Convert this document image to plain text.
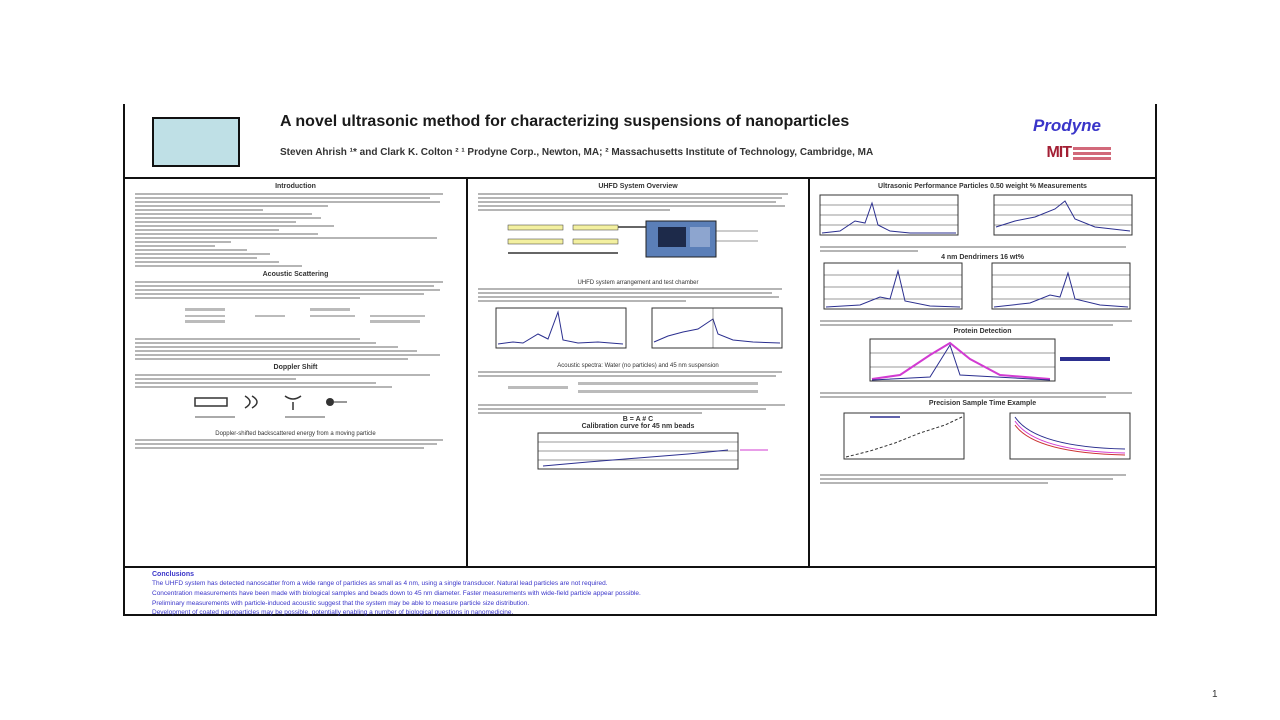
A novel ultrasonic method for characterizing suspensions of nanoparticles
Steven Ahrish ¹* and Clark K. Colton ² ¹ Prodyne Corp., Newton, MA; ² Massachusetts Institute of Technology, Cambridge, MA
Prodyne
MIT
Introduction
Acoustic Scattering
Doppler Shift
Doppler-shifted backscattered energy from a moving particle
UHFD System Overview
UHFD system arrangement and test chamber
Acoustic spectra: Water (no particles) and 45 nm suspension
B = A # C
Calibration curve for 45 nm beads
Ultrasonic Performance Particles 0.50 weight % Measurements
4 nm Dendrimers 16 wt%
Protein Detection
Precision Sample Time Example
Conclusions
The UHFD system has detected nanoscatter from a wide range of particles as small as 4 nm, using a single transducer. Natural lead particles are not required.
Concentration measurements have been made with biological samples and beads down to 45 nm diameter. Faster measurements with wide-field particle appear possible.
Preliminary measurements with particle-induced acoustic suggest that the system may be able to measure particle size distribution.
Development of coated nanoparticles may be possible, potentially enabling a number of biological questions in nanomedicine.
1
